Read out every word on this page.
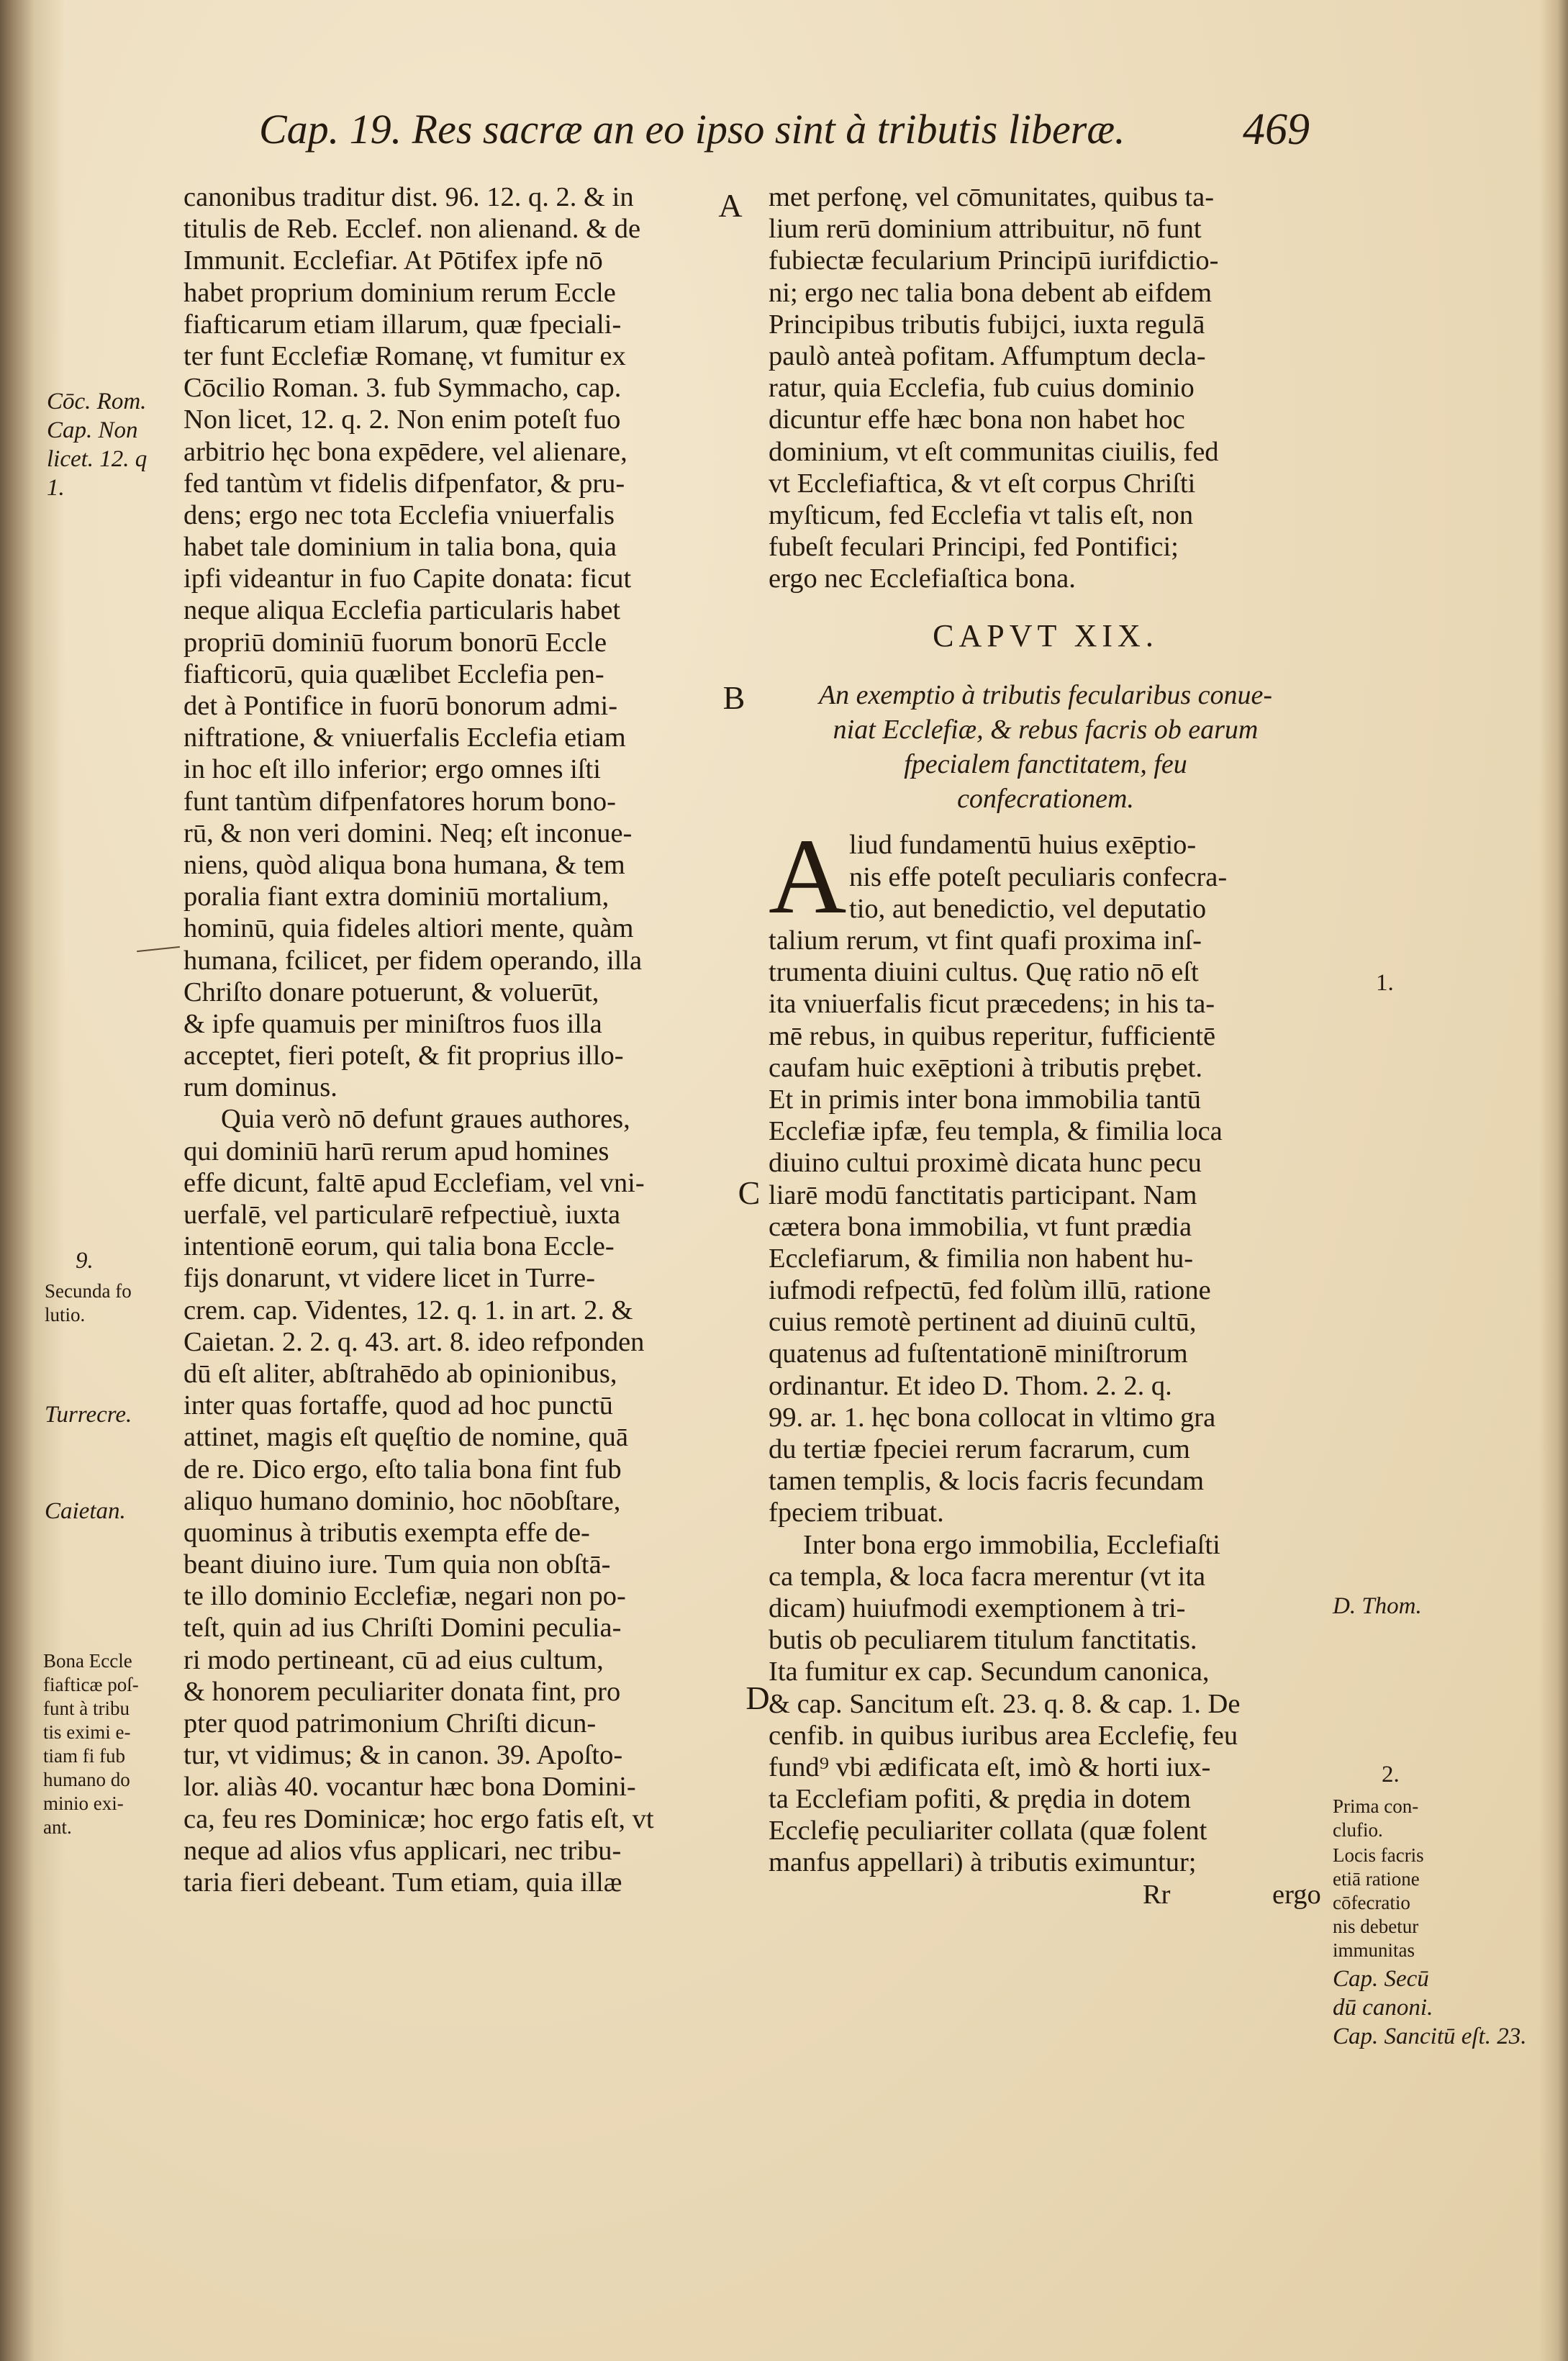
Cap. 19. Res sacræ an eo ipso sint à tributis liberæ.	469
canonibus traditur dist. 96. 12. q. 2. & in
titulis de Reb. Ecclef. non alienand. & de
Immunit. Ecclefiar. At Pōtifex ipfe nō
habet proprium dominium rerum Eccle
fiafticarum etiam illarum, quæ fpeciali-
ter funt Ecclefiæ Romanę, vt fumitur ex
Cōcilio Roman. 3. fub Symmacho, cap.
Non licet, 12. q. 2. Non enim poteſt fuo
arbitrio hęc bona expēdere, vel alienare,
fed tantùm vt fidelis difpenfator, & pru-
dens; ergo nec tota Ecclefia vniuerfalis
habet tale dominium in talia bona, quia
ipfi videantur in fuo Capite donata: ficut
neque aliqua Ecclefia particularis habet
propriū dominiū fuorum bonorū Eccle
fiafticorū, quia quælibet Ecclefia pen-
det à Pontifice in fuorū bonorum admi-
niftratione, & vniuerfalis Ecclefia etiam
in hoc eſt illo inferior; ergo omnes iſti
funt tantùm difpenfatores horum bono-
rū, & non veri domini. Neq; eſt inconue-
niens, quòd aliqua bona humana, & tem
poralia fiant extra dominiū mortalium,
hominū, quia fideles altiori mente, quàm
humana, fcilicet, per fidem operando, illa
Chriſto donare potuerunt, & voluerūt,
& ipfe quamuis per miniſtros fuos illa
acceptet, fieri poteſt, & fit proprius illo-
rum dominus.
Quia verò nō defunt graues authores,
qui dominiū harū rerum apud homines
effe dicunt, faltē apud Ecclefiam, vel vni-
uerfalē, vel particularē refpectiuè, iuxta
intentionē eorum, qui talia bona Eccle-
fijs donarunt, vt videre licet in Turre-
crem. cap. Videntes, 12. q. 1. in art. 2. &
Caietan. 2. 2. q. 43. art. 8. ideo refponden
dū eſt aliter, abſtrahēdo ab opinionibus,
inter quas fortaffe, quod ad hoc punctū
attinet, magis eſt quęſtio de nomine, quā
de re. Dico ergo, eſto talia bona fint fub
aliquo humano dominio, hoc nōobſtare,
quominus à tributis exempta effe de-
beant diuino iure. Tum quia non obſtā-
te illo dominio Ecclefiæ, negari non po-
teſt, quin ad ius Chriſti Domini peculia-
ri modo pertineant, cū ad eius cultum,
& honorem peculiariter donata fint, pro
pter quod patrimonium Chriſti dicun-
tur, vt vidimus; & in canon. 39. Apoſto-
lor. aliàs 40. vocantur hæc bona Domini-
ca, feu res Dominicæ; hoc ergo fatis eſt, vt
neque ad alios vfus applicari, nec tribu-
taria fieri debeant. Tum etiam, quia illæ
met perfonę, vel cōmunitates, quibus ta-
lium rerū dominium attribuitur, nō funt
fubiectæ fecularium Principū iurifdictio-
ni; ergo nec talia bona debent ab eifdem
Principibus tributis fubijci, iuxta regulā
paulò anteà pofitam. Affumptum decla-
ratur, quia Ecclefia, fub cuius dominio
dicuntur effe hæc bona non habet hoc
dominium, vt eſt communitas ciuilis, fed
vt Ecclefiaftica, & vt eſt corpus Chriſti
myſticum, fed Ecclefia vt talis eſt, non
fubeſt feculari Principi, fed Pontifici;
ergo nec Ecclefiaſtica bona.
CAPVT XIX.
An exemptio à tributis fecularibus conue-
niat Ecclefiæ, & rebus facris ob earum
fpecialem fanctitatem, feu
confecrationem.
A liud fundamentū huius exēptio-
nis effe poteſt peculiaris confecra-
tio, aut benedictio, vel deputatio
talium rerum, vt fint quafi proxima inſ-
trumenta diuini cultus. Quę ratio nō eſt
ita vniuerfalis ficut præcedens; in his ta-
mē rebus, in quibus reperitur, fufficientē
caufam huic exēptioni à tributis prębet.
Et in primis inter bona immobilia tantū
Ecclefiæ ipfæ, feu templa, & fimilia loca
diuino cultui proximè dicata hunc pecu
liarē modū fanctitatis participant. Nam
cætera bona immobilia, vt funt prædia
Ecclefiarum, & fimilia non habent hu-
iufmodi refpectū, fed folùm illū, ratione
cuius remotè pertinent ad diuinū cultū,
quatenus ad fuſtentationē miniſtrorum
ordinantur. Et ideo D. Thom. 2. 2. q.
99. ar. 1. hęc bona collocat in vltimo gra
du tertiæ fpeciei rerum facrarum, cum
tamen templis, & locis facris fecundam
fpeciem tribuat.
Inter bona ergo immobilia, Ecclefiaſti
ca templa, & loca facra merentur (vt ita
dicam) huiufmodi exemptionem à tri-
butis ob peculiarem titulum fanctitatis.
Ita fumitur ex cap. Secundum canonica,
& cap. Sancitum eſt. 23. q. 8. & cap. 1. De
cenfib. in quibus iuribus area Ecclefię, feu
fund⁹ vbi ædificata eſt, imò & horti iux-
ta Ecclefiam pofiti, & prędia in dotem
Ecclefię peculiariter collata (quæ folent
manfus appellari) à tributis eximuntur;
Rr	ergo
Cōc. Rom.
Cap. Non
licet. 12. q
1.
9.
Secunda fo
lutio.
Turrecre.
Caietan.
Bona Eccle
fiafticæ poſ-
funt à tribu
tis eximi e-
tiam fi fub
humano do
minio exi-
ant.
1.
D. Thom.
2.
Prima con-
clufio.
Locis facris
etiā ratione
cōfecratio
nis debetur
immunitas
Cap. Secū
dū canoni.
Cap. Sancitū eſt. 23.
A
B
C
D
